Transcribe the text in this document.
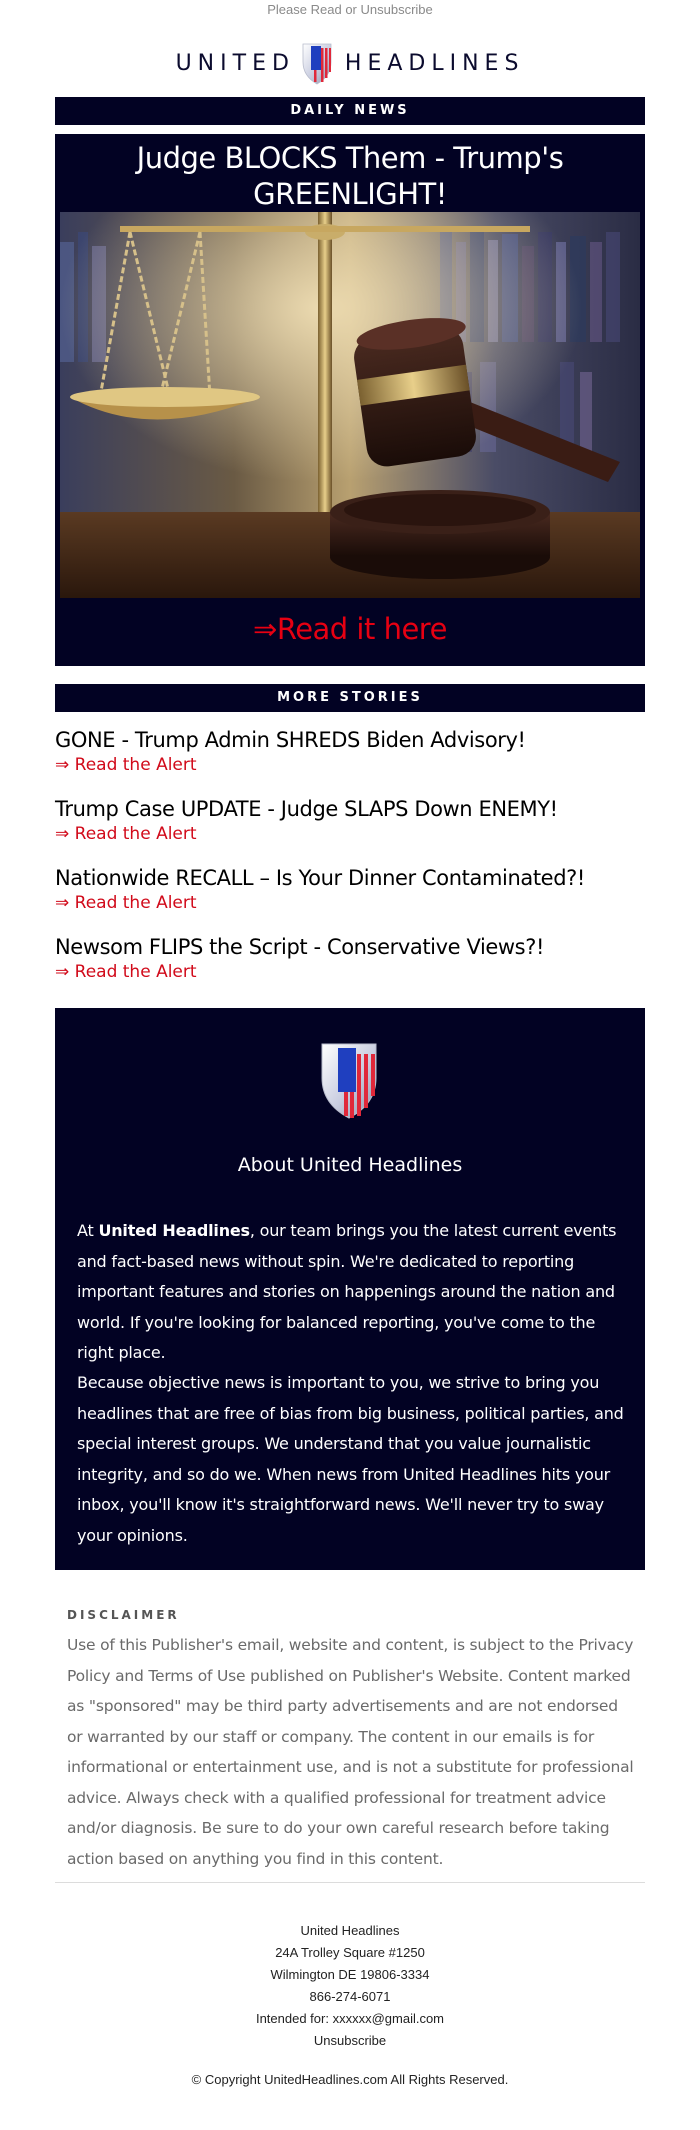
Please Read or Unsubscribe
UNITED HEADLINES
DAILY NEWS
Judge BLOCKS Them - Trump's GREENLIGHT!
⇒Read it here
MORE STORIES
GONE - Trump Admin SHREDS Biden Advisory!
⇒ Read the Alert
Trump Case UPDATE - Judge SLAPS Down ENEMY!
⇒ Read the Alert
Nationwide RECALL – Is Your Dinner Contaminated?!
⇒ Read the Alert
Newsom FLIPS the Script - Conservative Views?!
⇒ Read the Alert
About United Headlines
At United Headlines, our team brings you the latest current events and fact-based news without spin. We're dedicated to reporting important features and stories on happenings around the nation and world. If you're looking for balanced reporting, you've come to the right place.
Because objective news is important to you, we strive to bring you headlines that are free of bias from big business, political parties, and special interest groups. We understand that you value journalistic integrity, and so do we. When news from United Headlines hits your inbox, you'll know it's straightforward news. We'll never try to sway your opinions.
DISCLAIMER
Use of this Publisher's email, website and content, is subject to the Privacy Policy and Terms of Use published on Publisher's Website. Content marked as "sponsored" may be third party advertisements and are not endorsed or warranted by our staff or company. The content in our emails is for informational or entertainment use, and is not a substitute for professional advice. Always check with a qualified professional for treatment advice and/or diagnosis. Be sure to do your own careful research before taking action based on anything you find in this content.
United Headlines
24A Trolley Square #1250
Wilmington DE 19806-3334
866-274-6071
Intended for: xxxxxx@gmail.com
Unsubscribe
© Copyright UnitedHeadlines.com All Rights Reserved.
